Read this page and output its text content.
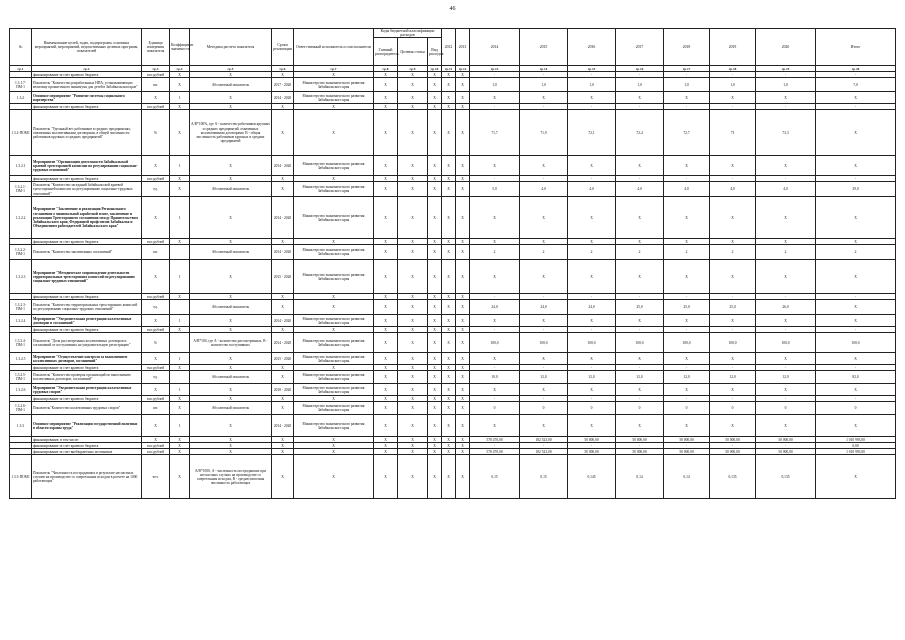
46
№	Наименование целей, задач, подпрограмм, основных мероприятий, мероприятий, ведомственных целевых программ, показателей	Единица измерения показателя	Коэффициент значимости	Методика расчета показателя	Сроки реализации	Ответственный исполнитель и соисполнители	Коды бюджетной классификации расходов			2012	2013	2014	2015	2016	2017	2018	2019	2020	Итого
							Главный распорядитель	Целевая статья	Вид расходов										
гр.1	гр.2	гр.3	гр.4	гр.5	гр.6	гр.7	гр.8	гр.9	гр.10	гр.11	гр.12	гр.13	гр.14	гр.15	гр.16	гр.17	гр.18	гр.19	гр.20
	финансирование за счет краевого бюджета	тыс.рублей	X	X	X	X	X	X	X	X	X	-	-	-	-	-	-	-	-
1.3.1.7-ПМ-1	Показатель "Количество разработанных НПА, устанавливающих величину прожиточного минимума для детей в Забайкальском крае"	шт.	X	Абсолютный показатель	2017 - 2020	Министерство экономического развития Забайкальского края	X	X	X	X	X	1,0	1,0	1,0	1,0	1,0	1,0	1,0	7,0
1.3.2	Основное мероприятие "Развитие системы социального партнерства"	X	1	X	2014 - 2020	Министерство экономического развития Забайкальского края	X	X	X	X	X	X	X	X	X	X	X	X	X
	финансирование за счет краевого бюджета	тыс.рублей	X	X	X	X	X	X	X	X	X	-	-	-	-	-	-	-	-
1.3.2-ПОМ1	Показатель "Удельный вес работников в средних предприятиях, охваченных коллективными договорами, в общей численности работников крупных и средних предприятий"	%	X	А/В*100%, где А - количество работников крупных и средних предприятий, охваченных коллективными договорами; В - общая численность работников крупных и средних предприятий	X	X	X	X	X	X	X	71,7	71,9	72,1	72,4	72,7	73	73,3	X
1.3.2.1	Мероприятие "Организация деятельности Забайкальской краевой трехсторонней комиссии по регулированию социально-трудовых отношений"	X	1	X	2014 - 2020	Министерство экономического развития Забайкальского края	X	X	X	X	X	X	X	X	X	X	X	X	X
	финансирование за счет краевого бюджета	тыс.рублей	X	X	X	X	X	X	X	X	X	-	-	-	-	-	-	-	-
1.3.2.1-ПМ-1	Показатель "Количество заседаний Забайкальской краевой трехсторонней комиссии по регулированию социально-трудовых отношений"	ед.	X	Абсолютный показатель	X	Министерство экономического развития Забайкальского края	X	X	X	X	X	5,0	4,0	4,0	4,0	4,0	4,0	4,0	29,0
1.3.2.2	Мероприятие "Заключение и реализация Регионального соглашения о минимальной заработной плате, заключение и реализация Трехстороннего соглашения между Правительством Забайкальского края, Федерацией профсоюзов Забайкалья и Объединением работодателей Забайкальского края"	X	1	X	2014 - 2020	Министерство экономического развития Забайкальского края	X	X	X	X	X	X	X	X	X	X	X	X	X
	финансирование за счет краевого бюджета	тыс.рублей	X	X	X	X	X	X	X	X	X	X	X	X	X	X	X	X	X
1.3.2.2-ПМ-1	Показатель "Количество заключенных соглашений"	шт.		Абсолютный показатель	2014 - 2020	Министерство экономического развития Забайкальского края	X	X	X	X	X	2	2	2	2	2	2	2	2
1.3.2.3	Мероприятие "Методическое сопровождение деятельности территориальных трехсторонних комиссий по регулированию социально-трудовых отношений"	X	1	X	2015 - 2020	Министерство экономического развития Забайкальского края	X	X	X	X	X	X	X	X	X	X	X	X	X
	финансирование за счет краевого бюджета	тыс.рублей	X	X	X	X	X	X	X	X	X	-	-	-	-	-	-	-	-
1.3.2.3-ПМ-1	Показатель "Количество территориальных трехсторонних комиссий по регулированию социально-трудовых отношений"	ед.		Абсолютный показатель	X	X	X	X	X	X	X	24,0	24,0	24,0	25,0	25,0	25,0	26,0	X
1.3.2.4	Мероприятие "Уведомительная регистрация коллективных договоров и соглашений"	X	1	X	2014 - 2020	Министерство экономического развития Забайкальского края	X	X	X	X	X	X	X	X	X	X	X	X	X
	финансирование за счет краевого бюджета	тыс.рублей	X	X	X	X	X	X	X	X	X	-	-	-	-	-	-	-	-
1.3.2.4-ПМ-1	Показатель "Доля рассмотренных коллективных договоров и соглашений от поступивших на уведомительную регистрацию"	%		А/В*100, где А - количество рассмотренных, В - количество поступивших	2014 - 2020	Министерство экономического развития Забайкальского края	X	X	X	X	X	100,0	100,0	100,0	100,0	100,0	100,0	100,0	100,0
1.3.2.5	Мероприятие "Осуществление контроля за выполнением коллективных договоров, соглашений"	X	1	X	2015 - 2020	Министерство экономического развития Забайкальского края	X	X	X	X	X	X	X	X	X	X	X	X	X
	финансирование за счет краевого бюджета	тыс.рублей	X	X	X	X	X	X	X	X	X	-	-	-	-	-	-	-	-
1.3.2.5-ПМ-1	Показатель "Количество проверок организаций по выполнению коллективных договоров, соглашений"	ед.		Абсолютный показатель	X	Министерство экономического развития Забайкальского края	X	X	X	X	X	10,0	12,0	12,0	12,0	12,0	12,0	12,0	82,0
1.3.2.6	Мероприятие "Уведомительная регистрация коллективных трудовых споров"	X	1	X	2018 - 2020	Министерство экономического развития Забайкальского края	X	X	X	X	X	X	X	X	X	X	X	X	X
	финансирование за счет краевого бюджета	тыс.рублей	X	X	X	X	X	X	X	X	X	-	-	-	-	-	-	-	-
1.3.2.6-ПМ-1	Показатель"Количество коллективных трудовых споров"	шт.	X	Абсолютный показатель	X	Министерство экономического развития Забайкальского края	X	X	X	X	X	0	0	0	0	0	0	0	0
1.3.3	Основное мероприятие "Реализация государственной политики в области охраны труда"	X	1	X	2014 - 2020	Министерство экономического развития Забайкальского края	X	X	X	X	X	X	X	X	X	X	X	X	X
	финансирование, в том числе:	X	X	X	X	X	X	X	X	X	X	578 470,00	182 523,00	50 000,00	50 000,00	50 000,00	50 000,00	50 000,00	1 010 993,00
	финансирование за счет краевого бюджета	тыс.рублей	X	X	X	X	X	X	X	X	X	-	-	-	-	-	-	-	0,00
	финансирование за счет внебюджетных источников	тыс.рублей	X	X	X	X	X	X	X	X	X	578 470,00	182 523,00	50 000,00	50 000,00	50 000,00	50 000,00	50 000,00	1 010 993,00
1.3.3-ПОМ1	Показатель "Численность пострадавших в результате несчастных случаев на производстве со смертельным исходом в расчете на 1000 работающих"	чел.	X	А/В*1000, А - численность пострадавших при несчастных случаях на производстве со смертельным исходом, В - среднесписочная численность работающих	X	X	X	X	X	X	X	0,15	0,15	0,145	0,14	0,14	0,135	0,135	X
